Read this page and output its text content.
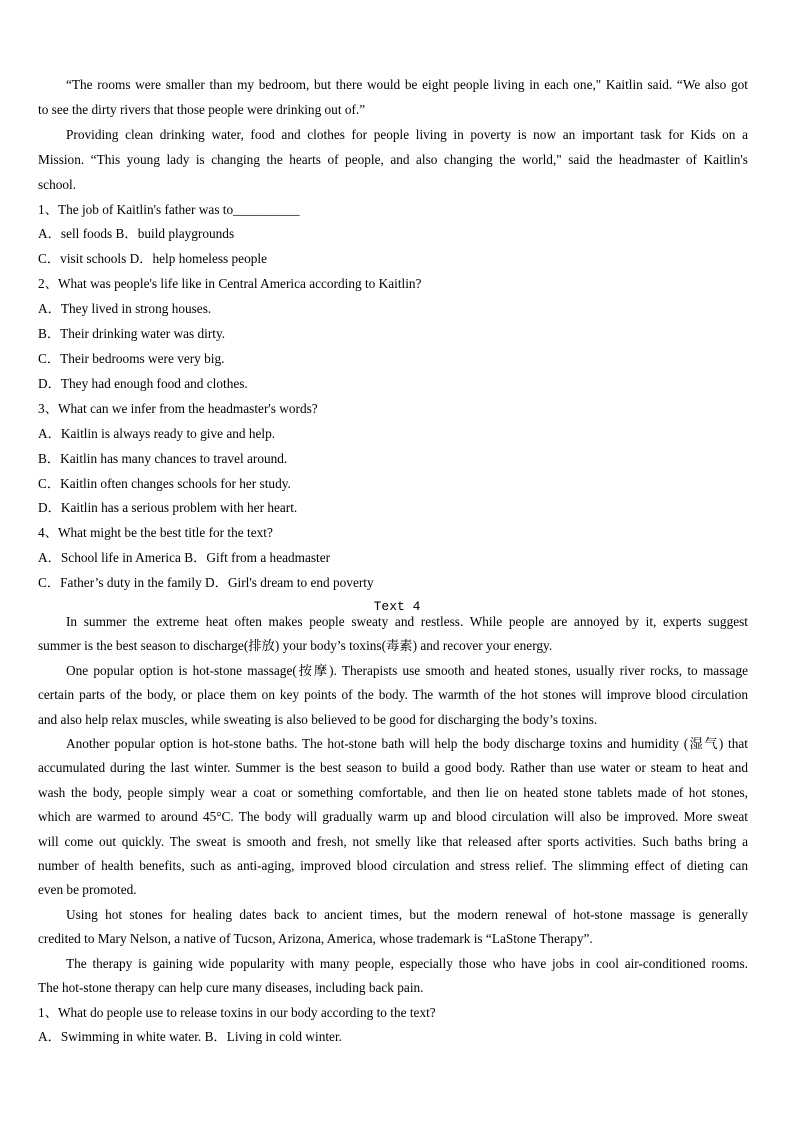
“The rooms were smaller than my bedroom, but there would be eight people living in each one," Kaitlin said. “We also got
to see the dirty rivers that those people were drinking out of.”
Providing clean drinking water, food and clothes for people living in poverty is now an important task for Kids on a
Mission. “This young lady is changing the hearts of people, and also changing the world," said the headmaster of Kaitlin's
school.
1、The job of Kaitlin's father was to__________
A．sell foods B．build playgrounds
C．visit schools D．help homeless people
2、What was people's life like in Central America according to Kaitlin?
A．They lived in strong houses.
B．Their drinking water was dirty.
C．Their bedrooms were very big.
D．They had enough food and clothes.
3、What can we infer from the headmaster's words?
A．Kaitlin is always ready to give and help.
B．Kaitlin has many chances to travel around.
C．Kaitlin often changes schools for her study.
D．Kaitlin has a serious problem with her heart.
4、What might be the best title for the text?
A．School life in America B．Gift from a headmaster
C．Father’s duty in the family D．Girl's dream to end poverty
Text 4
In summer the extreme heat often makes people sweaty and restless. While people are annoyed by it, experts suggest
summer is the best season to discharge(排放) your body’s toxins(毒素) and recover your energy.
One popular option is hot-stone massage(按摩). Therapists use smooth and heated stones, usually river rocks, to massage
certain parts of the body, or place them on key points of the body. The warmth of the hot stones will improve blood circulation
and also help relax muscles, while sweating is also believed to be good for discharging the body’s toxins.
Another popular option is hot-stone baths. The hot-stone bath will help the body discharge toxins and humidity (湿气) that
accumulated during the last winter. Summer is the best season to build a good body. Rather than use water or steam to heat and
wash the body, people simply wear a coat or something comfortable, and then lie on heated stone tablets made of hot stones,
which are warmed to around 45°C. The body will gradually warm up and blood circulation will also be improved. More sweat
will come out quickly. The sweat is smooth and fresh, not smelly like that released after sports activities. Such baths bring a
number of health benefits, such as anti-aging, improved blood circulation and stress relief. The slimming effect of dieting can
even be promoted.
Using hot stones for healing dates back to ancient times, but the modern renewal of hot-stone massage is generally
credited to Mary Nelson, a native of Tucson, Arizona, America, whose trademark is “LaStone Therapy”.
The therapy is gaining wide popularity with many people, especially those who have jobs in cool air-conditioned rooms.
The hot-stone therapy can help cure many diseases, including back pain.
1、What do people use to release toxins in our body according to the text?
A．Swimming in white water. B．Living in cold winter.
